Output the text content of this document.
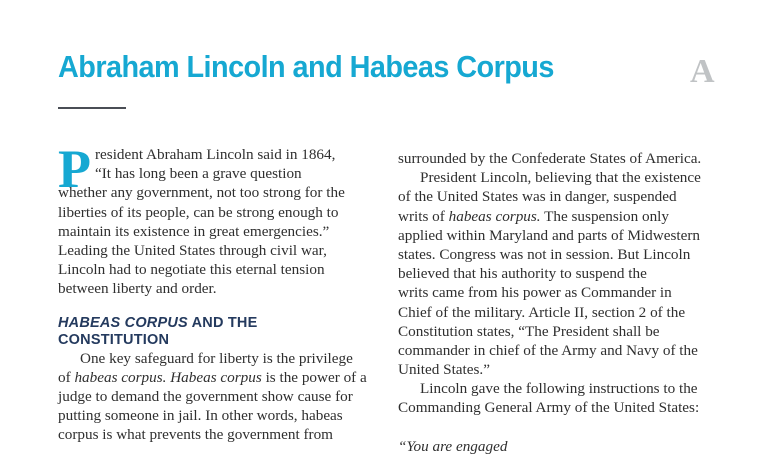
Abraham Lincoln and Habeas Corpus	A
P resident Abraham Lincoln said in 1864,
“It has long been a grave question
whether any government, not too strong for the
liberties of its people, can be strong enough to
maintain its existence in great emergencies.”
Leading the United States through civil war,
Lincoln had to negotiate this eternal tension
between liberty and order.
HABEAS CORPUS AND THE
CONSTITUTION
One key safeguard for liberty is the privilege
of habeas corpus. Habeas corpus is the power of a
judge to demand the government show cause for
putting someone in jail. In other words, habeas
corpus is what prevents the government from
surrounded by the Confederate States of America.
President Lincoln, believing that the existence
of the United States was in danger, suspended
writs of habeas corpus. The suspension only
applied within Maryland and parts of Midwestern
states. Congress was not in session. But Lincoln
believed that his authority to suspend the
writs came from his power as Commander in
Chief of the military. Article II, section 2 of the
Constitution states, “The President shall be
commander in chief of the Army and Navy of the
United States.”
Lincoln gave the following instructions to the
Commanding General Army of the United States:
“You are engaged
